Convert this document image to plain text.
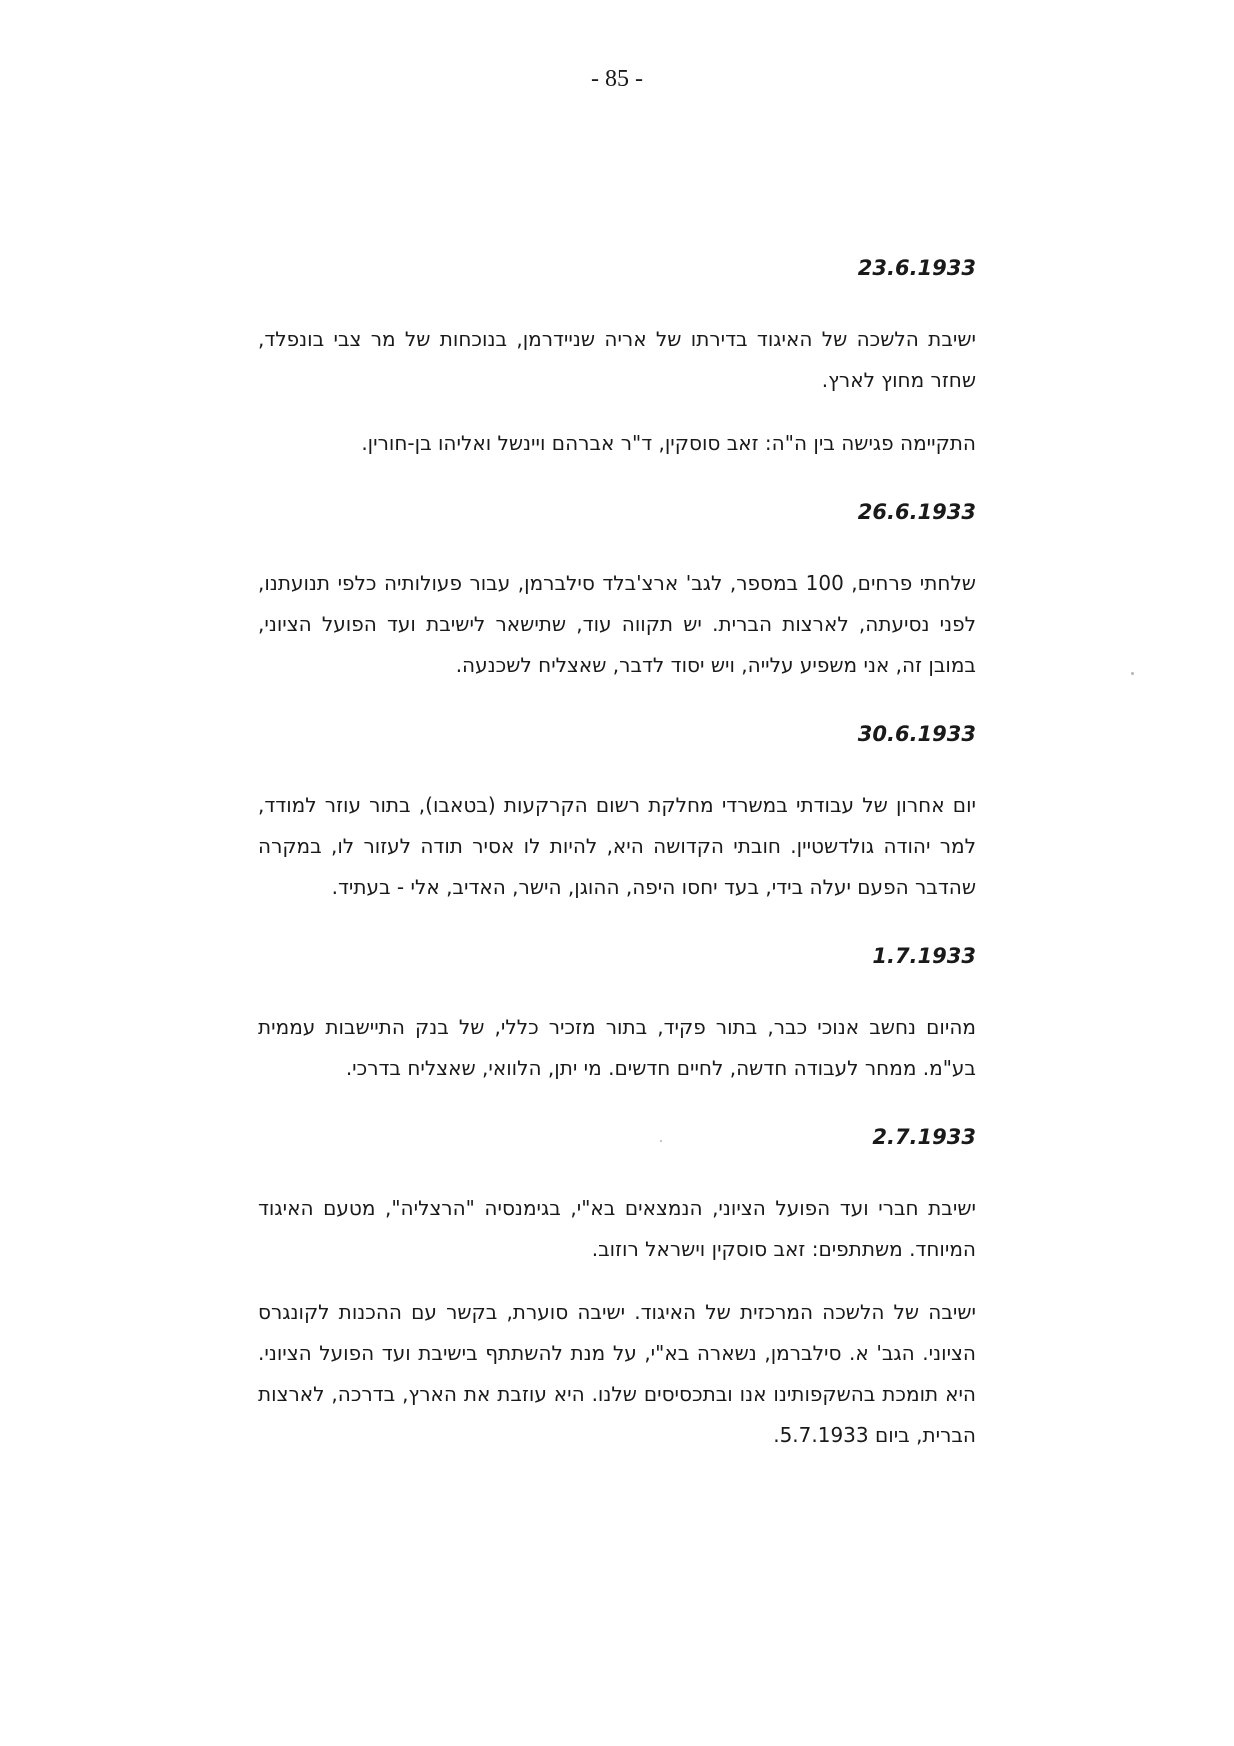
- 85 -
23.6.1933

ישיבת הלשכה של האיגוד בדירתו של אריה שניידרמן, בנוכחות של מר צבי בונפלד, שחזר מחוץ לארץ.

התקיימה פגישה בין ה"ה: זאב סוסקין, ד"ר אברהם ויינשל ואליהו בן-חורין.

26.6.1933

שלחתי פרחים, 100 במספר, לגב' ארצ'בלד סילברמן, עבור פעולותיה כלפי תנועתנו, לפני נסיעתה, לארצות הברית. יש תקווה עוד, שתישאר לישיבת ועד הפועל הציוני, במובן זה, אני משפיע עלייה, ויש יסוד לדבר, שאצליח לשכנעה.

30.6.1933

יום אחרון של עבודתי במשרדי מחלקת רשום הקרקעות (בטאבו), בתור עוזר למודד, למר יהודה גולדשטיין. חובתי הקדושה היא, להיות לו אסיר תודה לעזור לו, במקרה שהדבר הפעם יעלה בידי, בעד יחסו היפה, ההוגן, הישר, האדיב, אלי - בעתיד.

1.7.1933

מהיום נחשב אנוכי כבר, בתור פקיד, בתור מזכיר כללי, של בנק התיישבות עממית בע"מ. ממחר לעבודה חדשה, לחיים חדשים. מי יתן, הלוואי, שאצליח בדרכי.

2.7.1933

ישיבת חברי ועד הפועל הציוני, הנמצאים בא"י, בגימנסיה "הרצליה", מטעם האיגוד המיוחד. משתתפים: זאב סוסקין וישראל רוזוב.

ישיבה של הלשכה המרכזית של האיגוד. ישיבה סוערת, בקשר עם ההכנות לקונגרס הציוני. הגב' א. סילברמן, נשארה בא"י, על מנת להשתתף בישיבת ועד הפועל הציוני. היא תומכת בהשקפותינו אנו ובתכסיסים שלנו. היא עוזבת את הארץ, בדרכה, לארצות הברית, ביום 5.7.1933.
